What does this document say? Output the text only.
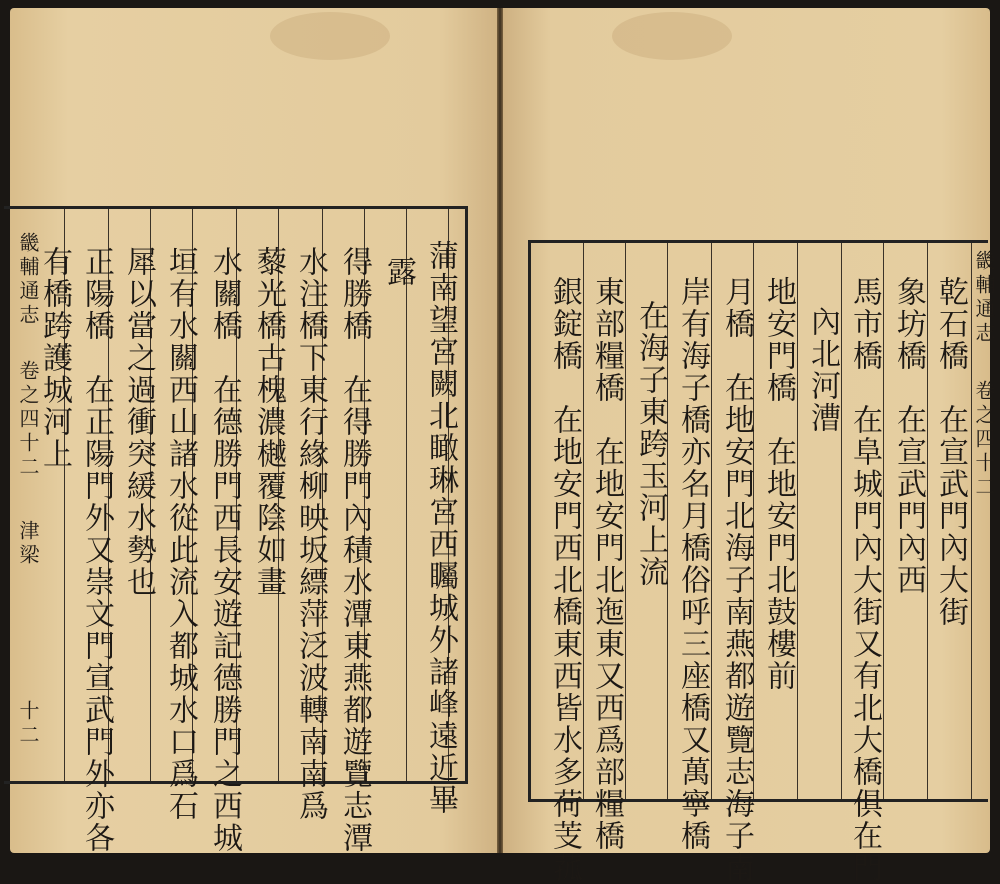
畿輔通志
卷之四十二
津梁
十二	蒲南望宮闕北瞰琳宮西矚城外諸峰遠近畢
露
得勝橋　在得勝門內積水潭東燕都遊覽志潭
水注橋下東行緣柳映坂縹萍泛波轉南南爲
藜光橋古槐濃樾覆陰如畫
水關橋　在德勝門西長安遊記德勝門之西城
垣有水關西山諸水從此流入都城水口爲石
犀以當之過衝突緩水勢也
正陽橋　在正陽門外又崇文門宣武門外亦各
有橋跨護城河上	畿輔通志
卷之四十二
乾石橋　在宣武門內大街
象坊橋　在宣武門內西
馬市橋　在阜城門內大街又有北大橋俱在門
內北河漕
地安門橋　在地安門北鼓樓前
月橋　在地安門北海子南燕都遊覽志海子南
岸有海子橋亦名月橋俗呼三座橋又萬寧橋
在海子東跨玉河上流
東部糧橋　在地安門北迤東又西爲部糧橋
銀錠橋　在地安門西北橋東西皆水多荷芰菰
